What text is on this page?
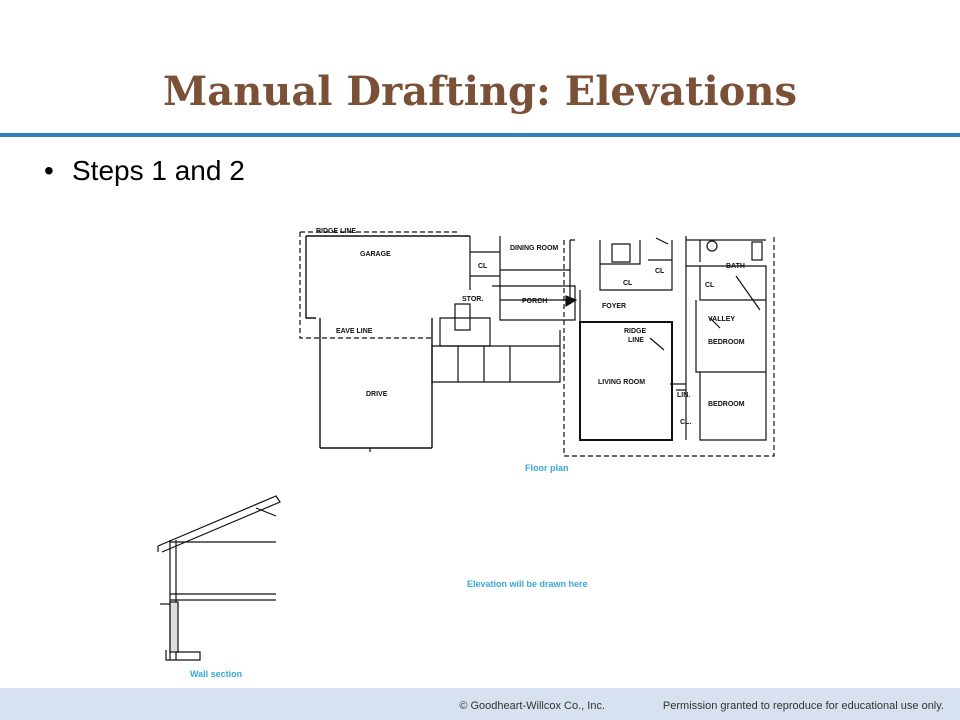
Manual Drafting: Elevations
• Steps 1 and 2
RIDGE LINE
GARAGE
DINING ROOM
CL
CL
CL	CL
BATH
STOR.	PORCH
FOYER
EAVE LINE	RIDGE
LINE
VALLEY
BEDROOM
LIVING ROOM
LIN.
BEDROOM
CL.
DRIVE
Floor plan
Elevation will be drawn here
Wall section
© Goodheart-Willcox Co., Inc.	Permission granted to reproduce for educational use only.
